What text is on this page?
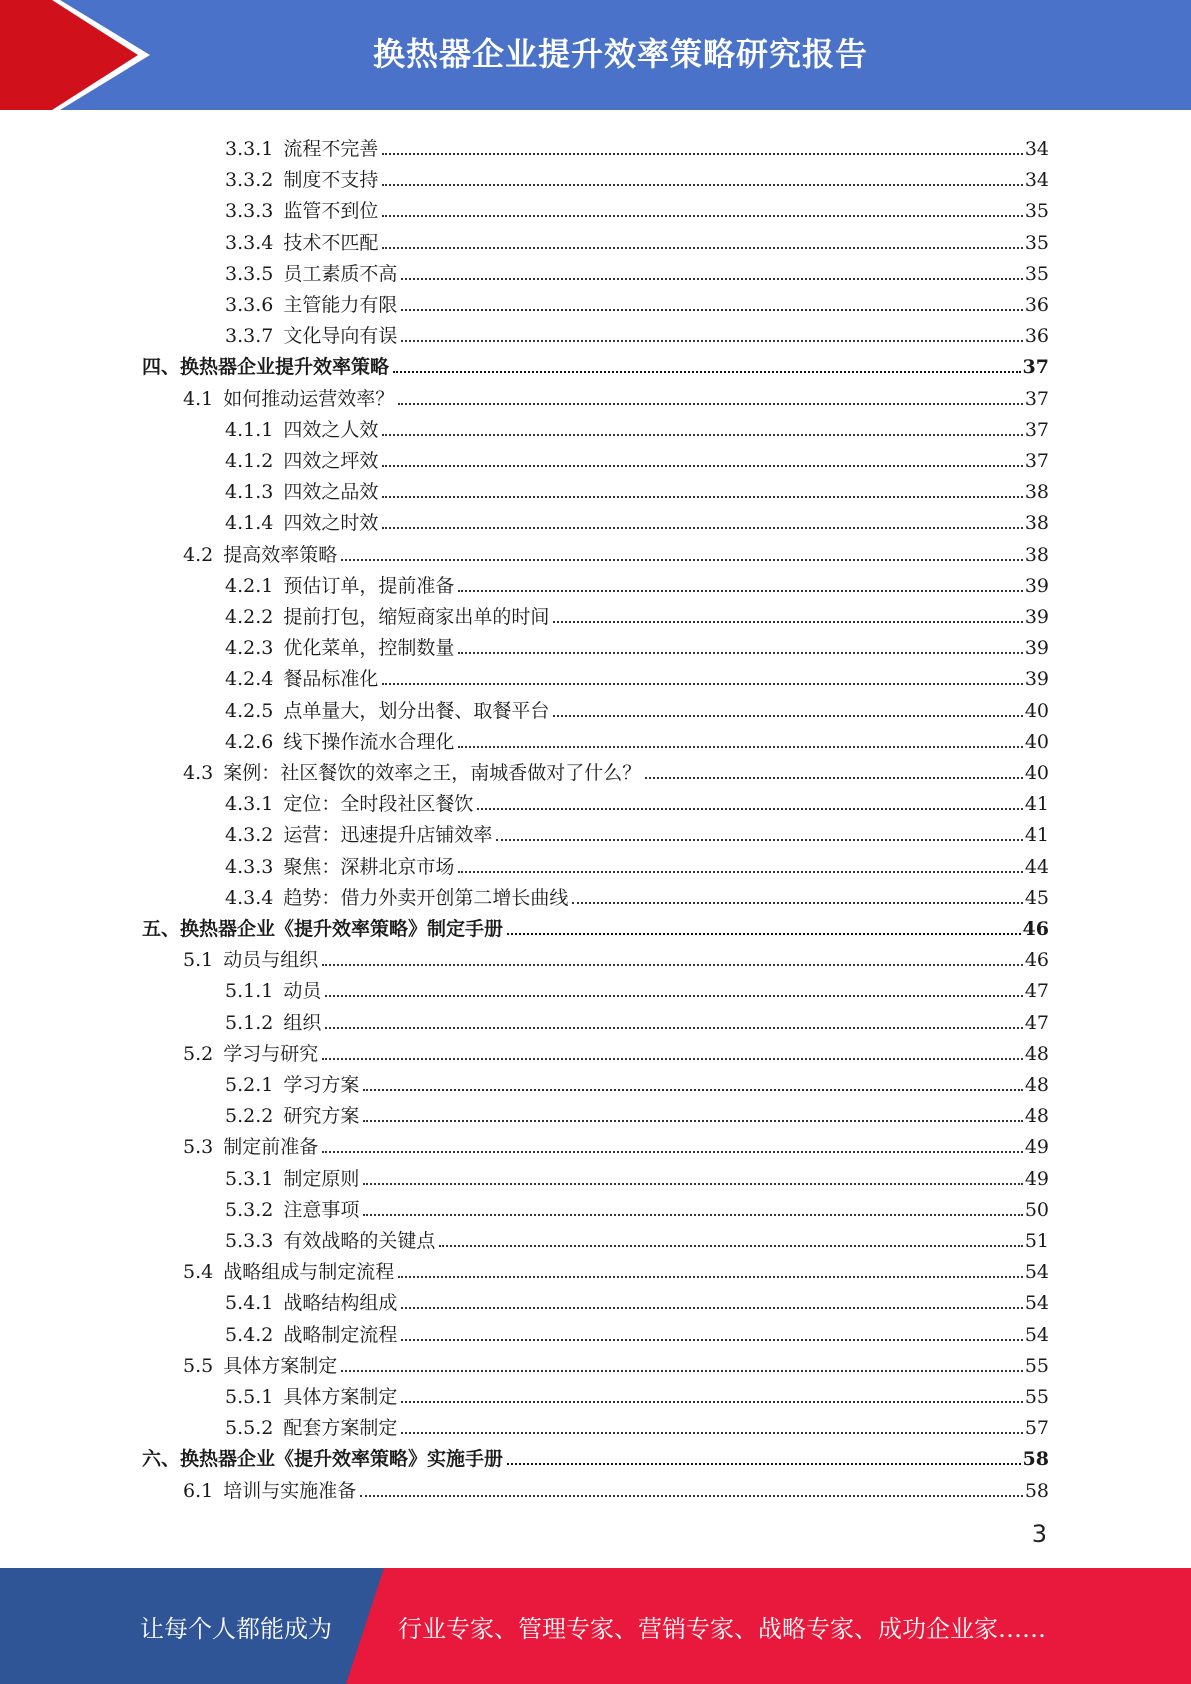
换热器企业提升效率策略研究报告
3.3.1 流程不完善	34
3.3.2 制度不支持	34
3.3.3 监管不到位	35
3.3.4 技术不匹配	35
3.3.5 员工素质不高	35
3.3.6 主管能力有限	36
3.3.7 文化导向有误	36
四、换热器企业提升效率策略	37
4.1 如何推动运营效率？	37
4.1.1 四效之人效	37
4.1.2 四效之坪效	37
4.1.3 四效之品效	38
4.1.4 四效之时效	38
4.2 提高效率策略	38
4.2.1 预估订单，提前准备	39
4.2.2 提前打包，缩短商家出单的时间	39
4.2.3 优化菜单，控制数量	39
4.2.4 餐品标准化	39
4.2.5 点单量大，划分出餐、取餐平台	40
4.2.6 线下操作流水合理化	40
4.3 案例：社区餐饮的效率之王，南城香做对了什么？	40
4.3.1 定位：全时段社区餐饮	41
4.3.2 运营：迅速提升店铺效率	41
4.3.3 聚焦：深耕北京市场	44
4.3.4 趋势：借力外卖开创第二增长曲线	45
五、换热器企业《提升效率策略》制定手册	46
5.1 动员与组织	46
5.1.1 动员	47
5.1.2 组织	47
5.2 学习与研究	48
5.2.1 学习方案	48
5.2.2 研究方案	48
5.3 制定前准备	49
5.3.1 制定原则	49
5.3.2 注意事项	50
5.3.3 有效战略的关键点	51
5.4 战略组成与制定流程	54
5.4.1 战略结构组成	54
5.4.2 战略制定流程	54
5.5 具体方案制定	55
5.5.1 具体方案制定	55
5.5.2 配套方案制定	57
六、换热器企业《提升效率策略》实施手册	58
6.1 培训与实施准备	58
3
让每个人都能成为	行业专家、管理专家、营销专家、战略专家、成功企业家……
